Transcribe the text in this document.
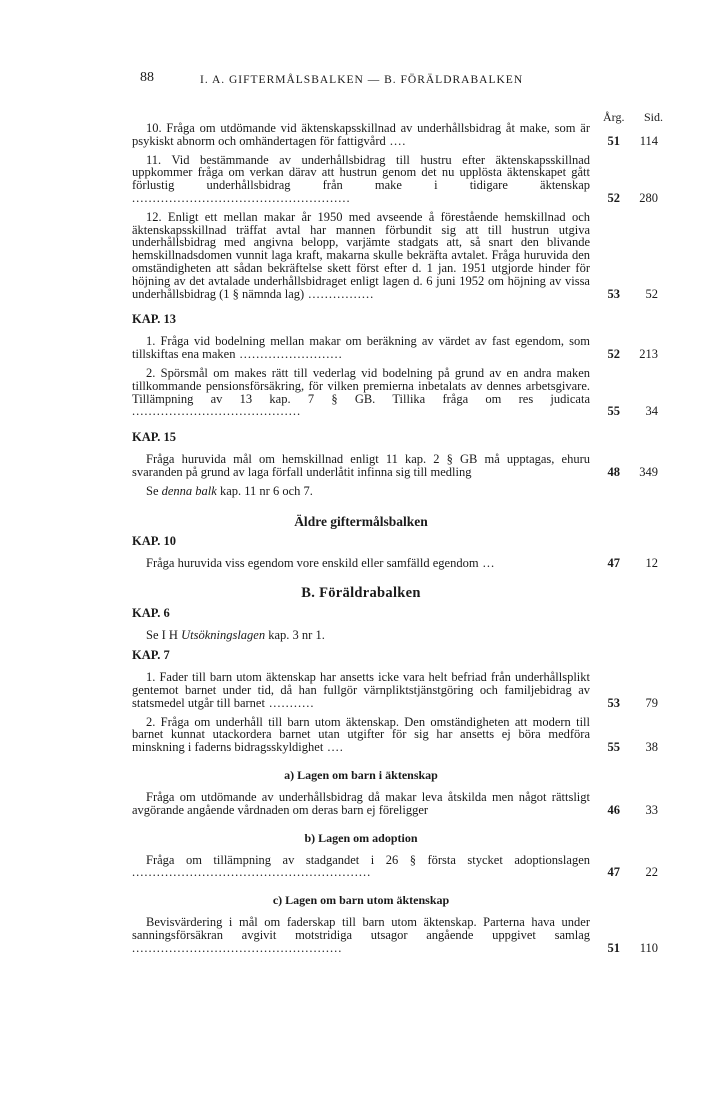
88	I. A. GIFTERMÅLSBALKEN — B. FÖRÄLDRABALKEN
Årg. Sid.
10. Fråga om utdömande vid äktenskapsskillnad av underhållsbidrag åt make, som är psykiskt abnorm och omhändertagen för fattigvård ....	51	114
11. Vid bestämmande av underhållsbidrag till hustru efter äktenskapsskillnad uppkommer fråga om verkan därav att hustrun genom det nu upplösta äktenskapet gått förlustig underhållsbidrag från make i tidigare äktenskap .....................................................	52	280
12. Enligt ett mellan makar år 1950 med avseende å förestående hemskillnad och äktenskapsskillnad träffat avtal har mannen förbundit sig att till hustrun utgiva underhållsbidrag med angivna belopp, varjämte stadgats att, så snart den blivande hemskillnadsdomen vunnit laga kraft, makarna skulle bekräfta avtalet. Fråga huruvida den omständigheten att sådan bekräftelse skett först efter d. 1 jan. 1951 utgjorde hinder för höjning av det avtalade underhållsbidraget enligt lagen d. 6 juni 1952 om höjning av vissa underhållsbidrag (1 § nämnda lag) ................	53	52
KAP. 13
1. Fråga vid bodelning mellan makar om beräkning av värdet av fast egendom, som tillskiftas ena maken .........................	52	213
2. Spörsmål om makes rätt till vederlag vid bodelning på grund av en andra maken tillkommande pensionsförsäkring, för vilken premierna inbetalats av dennes arbetsgivare. Tillämpning av 13 kap. 7 § GB. Tillika fråga om res judicata .........................................	55	34
KAP. 15
Fråga huruvida mål om hemskillnad enligt 11 kap. 2 § GB må upptagas, ehuru svaranden på grund av laga förfall underlåtit infinna sig till medling	48	349
Se denna balk kap. 11 nr 6 och 7.
Äldre giftermålsbalken
KAP. 10
Fråga huruvida viss egendom vore enskild eller samfälld egendom ...	47	12
B. Föräldrabalken
KAP. 6
Se I H Utsökningslagen kap. 3 nr 1.
KAP. 7
1. Fader till barn utom äktenskap har ansetts icke vara helt befriad från underhållsplikt gentemot barnet under tid, då han fullgör värnpliktstjänstgöring och familjebidrag av statsmedel utgår till barnet ...........	53	79
2. Fråga om underhåll till barn utom äktenskap. Den omständigheten att modern till barnet kunnat utackordera barnet utan utgifter för sig har ansetts ej böra medföra minskning i faderns bidragsskyldighet ....	55	38
a) Lagen om barn i äktenskap
Fråga om utdömande av underhållsbidrag då makar leva åtskilda men något rättsligt avgörande angående vårdnaden om deras barn ej föreligger	46	33
b) Lagen om adoption
Fråga om tillämpning av stadgandet i 26 § första stycket adoptionslagen ..........................................................	47	22
c) Lagen om barn utom äktenskap
Bevisvärdering i mål om faderskap till barn utom äktenskap. Parterna hava under sanningsförsäkran avgivit motstridiga utsagor angående uppgivet samlag ...................................................	51	110
